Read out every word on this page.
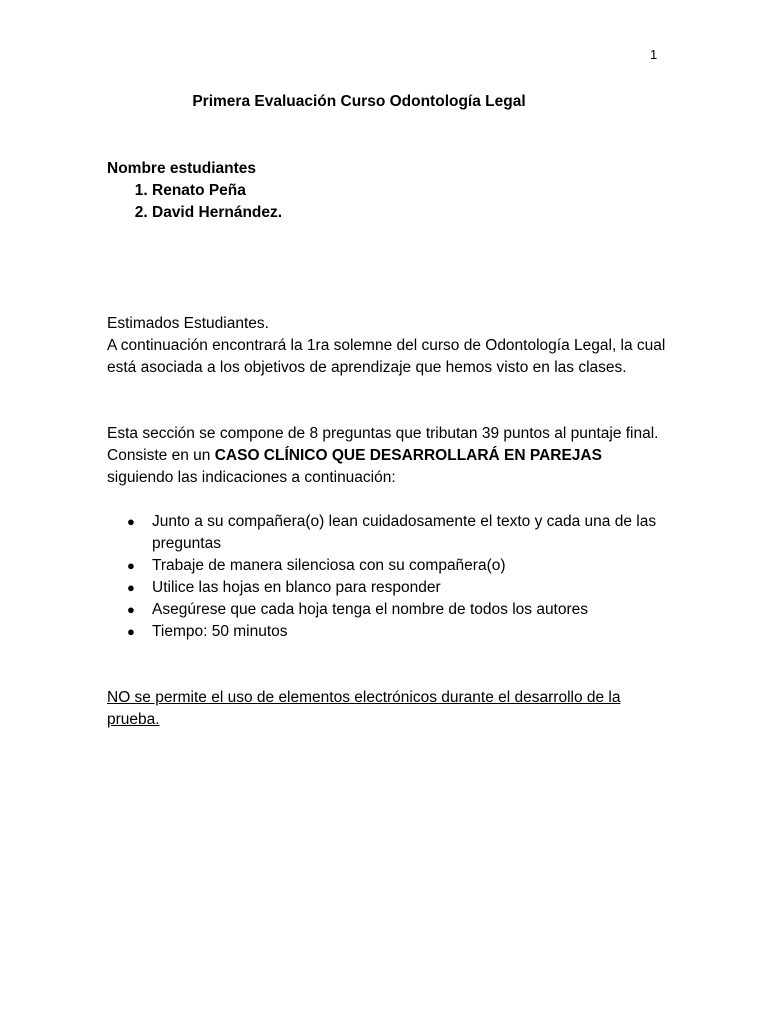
1
Primera Evaluación Curso Odontología Legal
Nombre estudiantes
1. Renato Peña
2. David Hernández.
Estimados Estudiantes.
A continuación encontrará la 1ra solemne del curso de Odontología Legal, la cual está asociada a los objetivos de aprendizaje que hemos visto en las clases.
Esta sección se compone de 8 preguntas que tributan 39 puntos al puntaje final. Consiste en un CASO CLÍNICO QUE DESARROLLARÁ EN PAREJAS
siguiendo las indicaciones a continuación:
● Junto a su compañera(o) lean cuidadosamente el texto y cada una de las preguntas
● Trabaje de manera silenciosa con su compañera(o)
● Utilice las hojas en blanco para responder
● Asegúrese que cada hoja tenga el nombre de todos los autores
● Tiempo: 50 minutos
NO se permite el uso de elementos electrónicos durante el desarrollo de la prueba.
